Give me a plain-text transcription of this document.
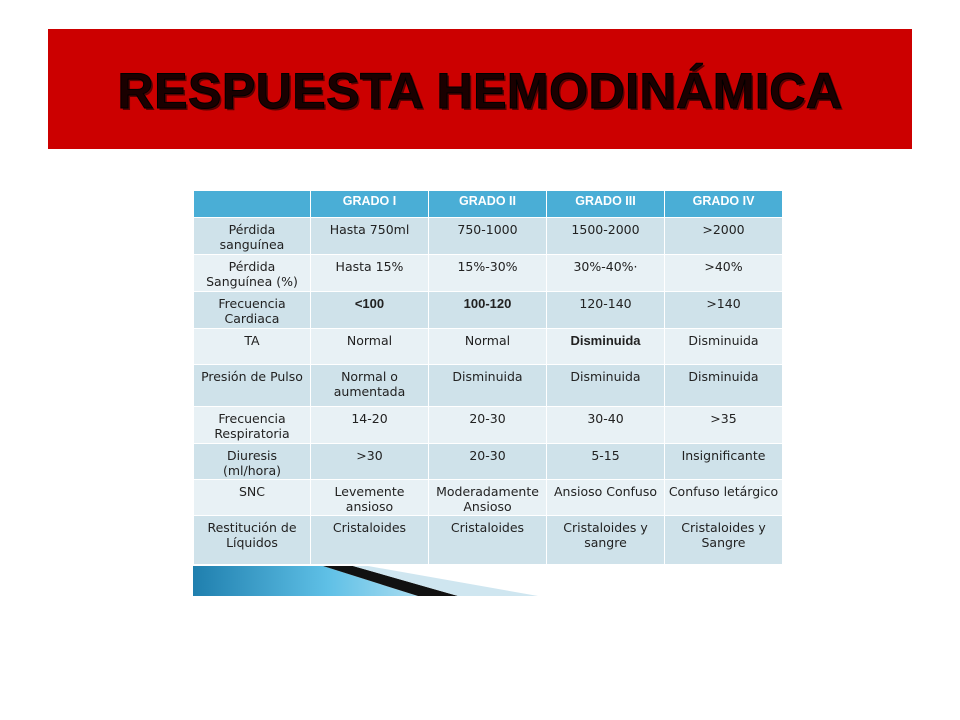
RESPUESTA HEMODINÁMICA
	GRADO I	GRADO II	GRADO III	GRADO IV
Pérdida sanguínea	Hasta 750ml	750-1000	1500-2000	>2000
Pérdida Sanguínea (%)	Hasta 15%	15%-30%	30%-40%·	>40%
Frecuencia Cardiaca	<100	100-120	120-140	>140
TA	Normal	Normal	Disminuida	Disminuida
Presión de Pulso	Normal o aumentada	Disminuida	Disminuida	Disminuida
Frecuencia Respiratoria	14-20	20-30	30-40	>35
Diuresis (ml/hora)	>30	20-30	5-15	Insignificante
SNC	Levemente ansioso	Moderadamente Ansioso	Ansioso Confuso	Confuso letárgico
Restitución de Líquidos	Cristaloides	Cristaloides	Cristaloides y sangre	Cristaloides y Sangre
